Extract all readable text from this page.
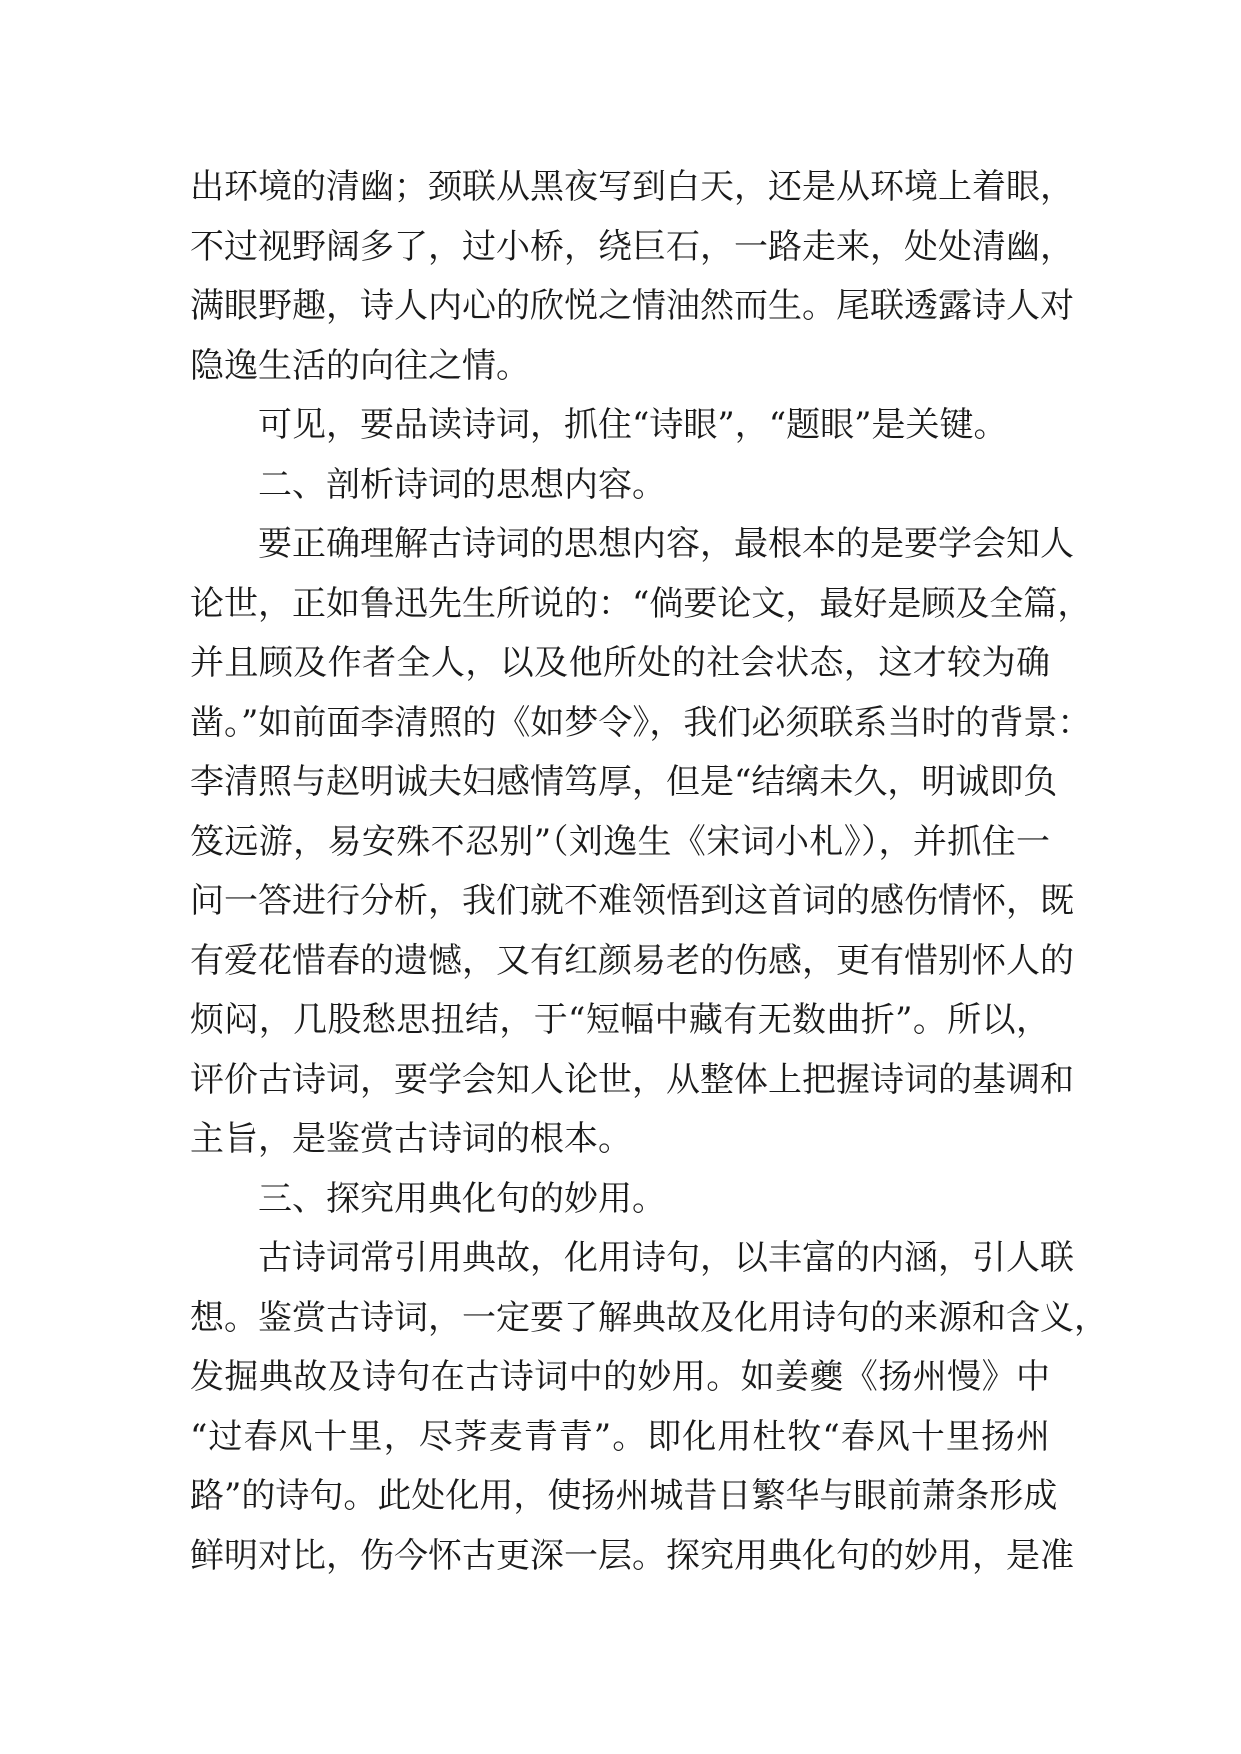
出环境的清幽；颈联从黑夜写到白天，还是从环境上着眼，
不过视野阔多了，过小桥，绕巨石，一路走来，处处清幽，
满眼野趣，诗人内心的欣悦之情油然而生。尾联透露诗人对
隐逸生活的向往之情。
可见，要品读诗词，抓住“诗眼”，“题眼”是关键。
二、剖析诗词的思想内容。
要正确理解古诗词的思想内容，最根本的是要学会知人
论世，正如鲁迅先生所说的：“倘要论文，最好是顾及全篇，
并且顾及作者全人，以及他所处的社会状态，这才较为确
凿。”如前面李清照的《如梦令》，我们必须联系当时的背景：
李清照与赵明诚夫妇感情笃厚，但是“结缡未久，明诚即负
笈远游，易安殊不忍别”（刘逸生《宋词小札》），并抓住一
问一答进行分析，我们就不难领悟到这首词的感伤情怀，既
有爱花惜春的遗憾，又有红颜易老的伤感，更有惜别怀人的
烦闷，几股愁思扭结，于“短幅中藏有无数曲折”。所以，
评价古诗词，要学会知人论世，从整体上把握诗词的基调和
主旨，是鉴赏古诗词的根本。
三、探究用典化句的妙用。
古诗词常引用典故，化用诗句，以丰富的内涵，引人联
想。鉴赏古诗词，一定要了解典故及化用诗句的来源和含义，
发掘典故及诗句在古诗词中的妙用。如姜夔《扬州慢》中
“过春风十里，尽荠麦青青”。即化用杜牧“春风十里扬州
路”的诗句。此处化用，使扬州城昔日繁华与眼前萧条形成
鲜明对比，伤今怀古更深一层。探究用典化句的妙用，是准
